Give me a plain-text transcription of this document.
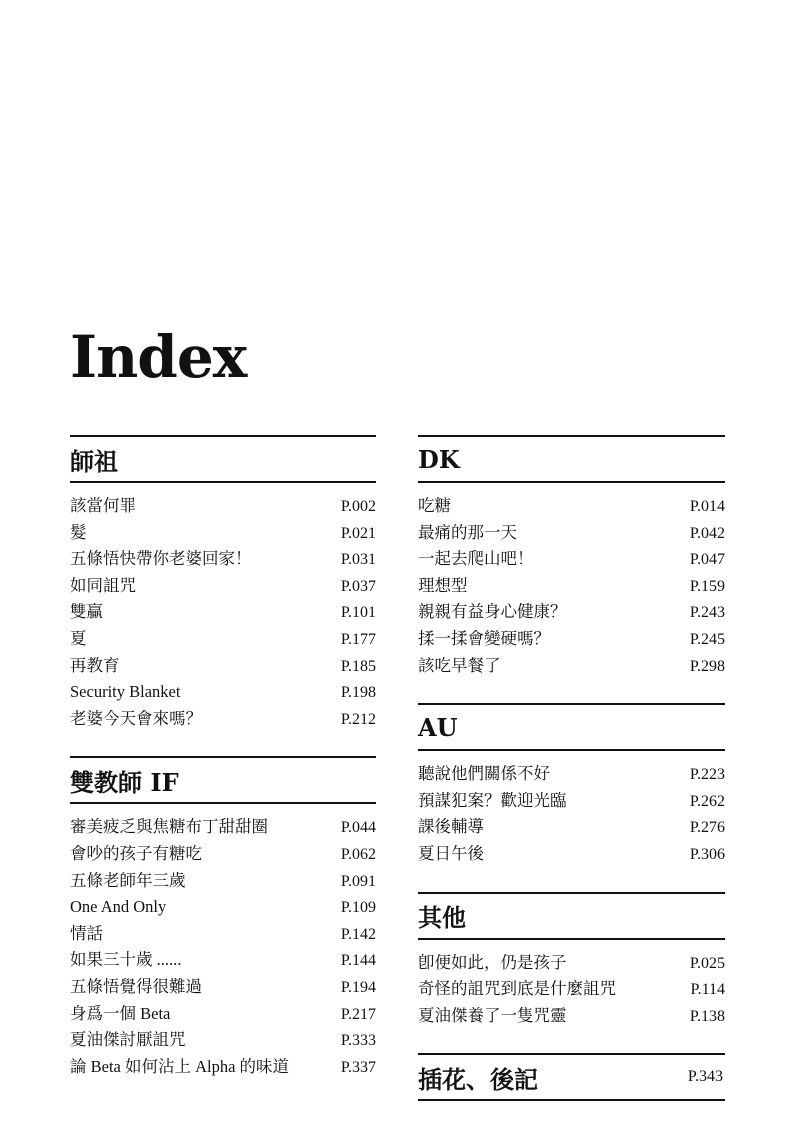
Index
師祖
該當何罪	P.002
髮	P.021
五條悟快帶你老婆回家！	P.031
如同詛咒	P.037
雙贏	P.101
夏	P.177
再教育	P.185
Security Blanket	P.198
老婆今天會來嗎？	P.212
雙教師 IF
審美疲乏與焦糖布丁甜甜圈	P.044
會吵的孩子有糖吃	P.062
五條老師年三歲	P.091
One And Only	P.109
情話	P.142
如果三十歲 ......	P.144
五條悟覺得很難過	P.194
身爲一個 Beta	P.217
夏油傑討厭詛咒	P.333
論 Beta 如何沾上 Alpha 的味道	P.337
DK
吃糖	P.014
最痛的那一天	P.042
一起去爬山吧！	P.047
理想型	P.159
親親有益身心健康？	P.243
揉一揉會變硬嗎？	P.245
該吃早餐了	P.298
AU
聽說他們關係不好	P.223
預謀犯案？歡迎光臨	P.262
課後輔導	P.276
夏日午後	P.306
其他
卽便如此，仍是孩子	P.025
奇怪的詛咒到底是什麼詛咒	P.114
夏油傑養了一隻咒靈	P.138
插花、後記	P.343
